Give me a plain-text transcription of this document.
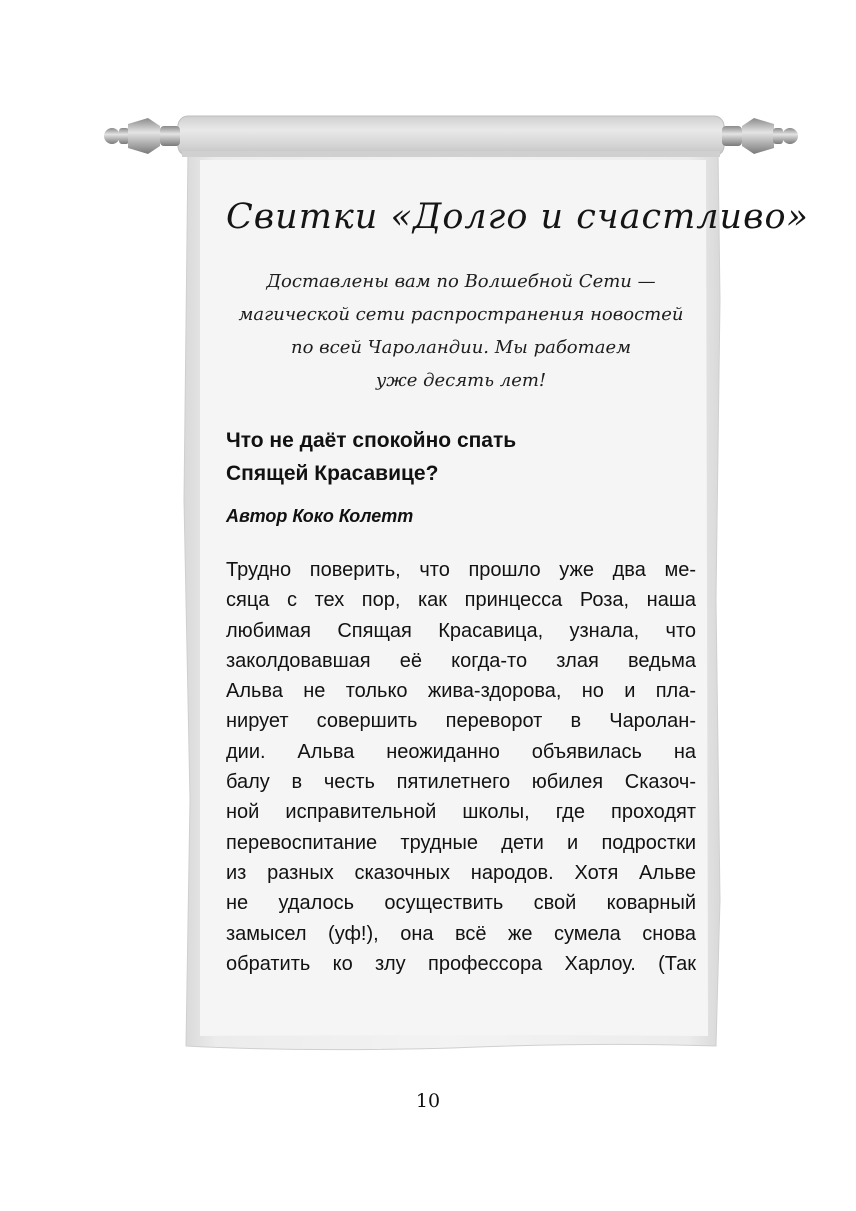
Свитки «Долго и счастливо»
Доставлены вам по Волшебной Сети —
магической сети распространения новостей
по всей Чароландии. Мы работаем
уже десять лет!
Что не даёт спокойно спать
Спящей Красавице?

Автор Коко Колетт

Трудно поверить, что прошло уже два ме-
сяца с тех пор, как принцесса Роза, наша
любимая Спящая Красавица, узнала, что
заколдовавшая её когда-то злая ведьма
Альва не только жива-здорова, но и пла-
нирует совершить переворот в Чаролан-
дии. Альва неожиданно объявилась на
балу в честь пятилетнего юбилея Сказоч-
ной исправительной школы, где проходят
перевоспитание трудные дети и подростки
из разных сказочных народов. Хотя Альве
не удалось осуществить свой коварный
замысел (уф!), она всё же сумела снова
обратить ко злу профессора Харлоу. (Так

10
